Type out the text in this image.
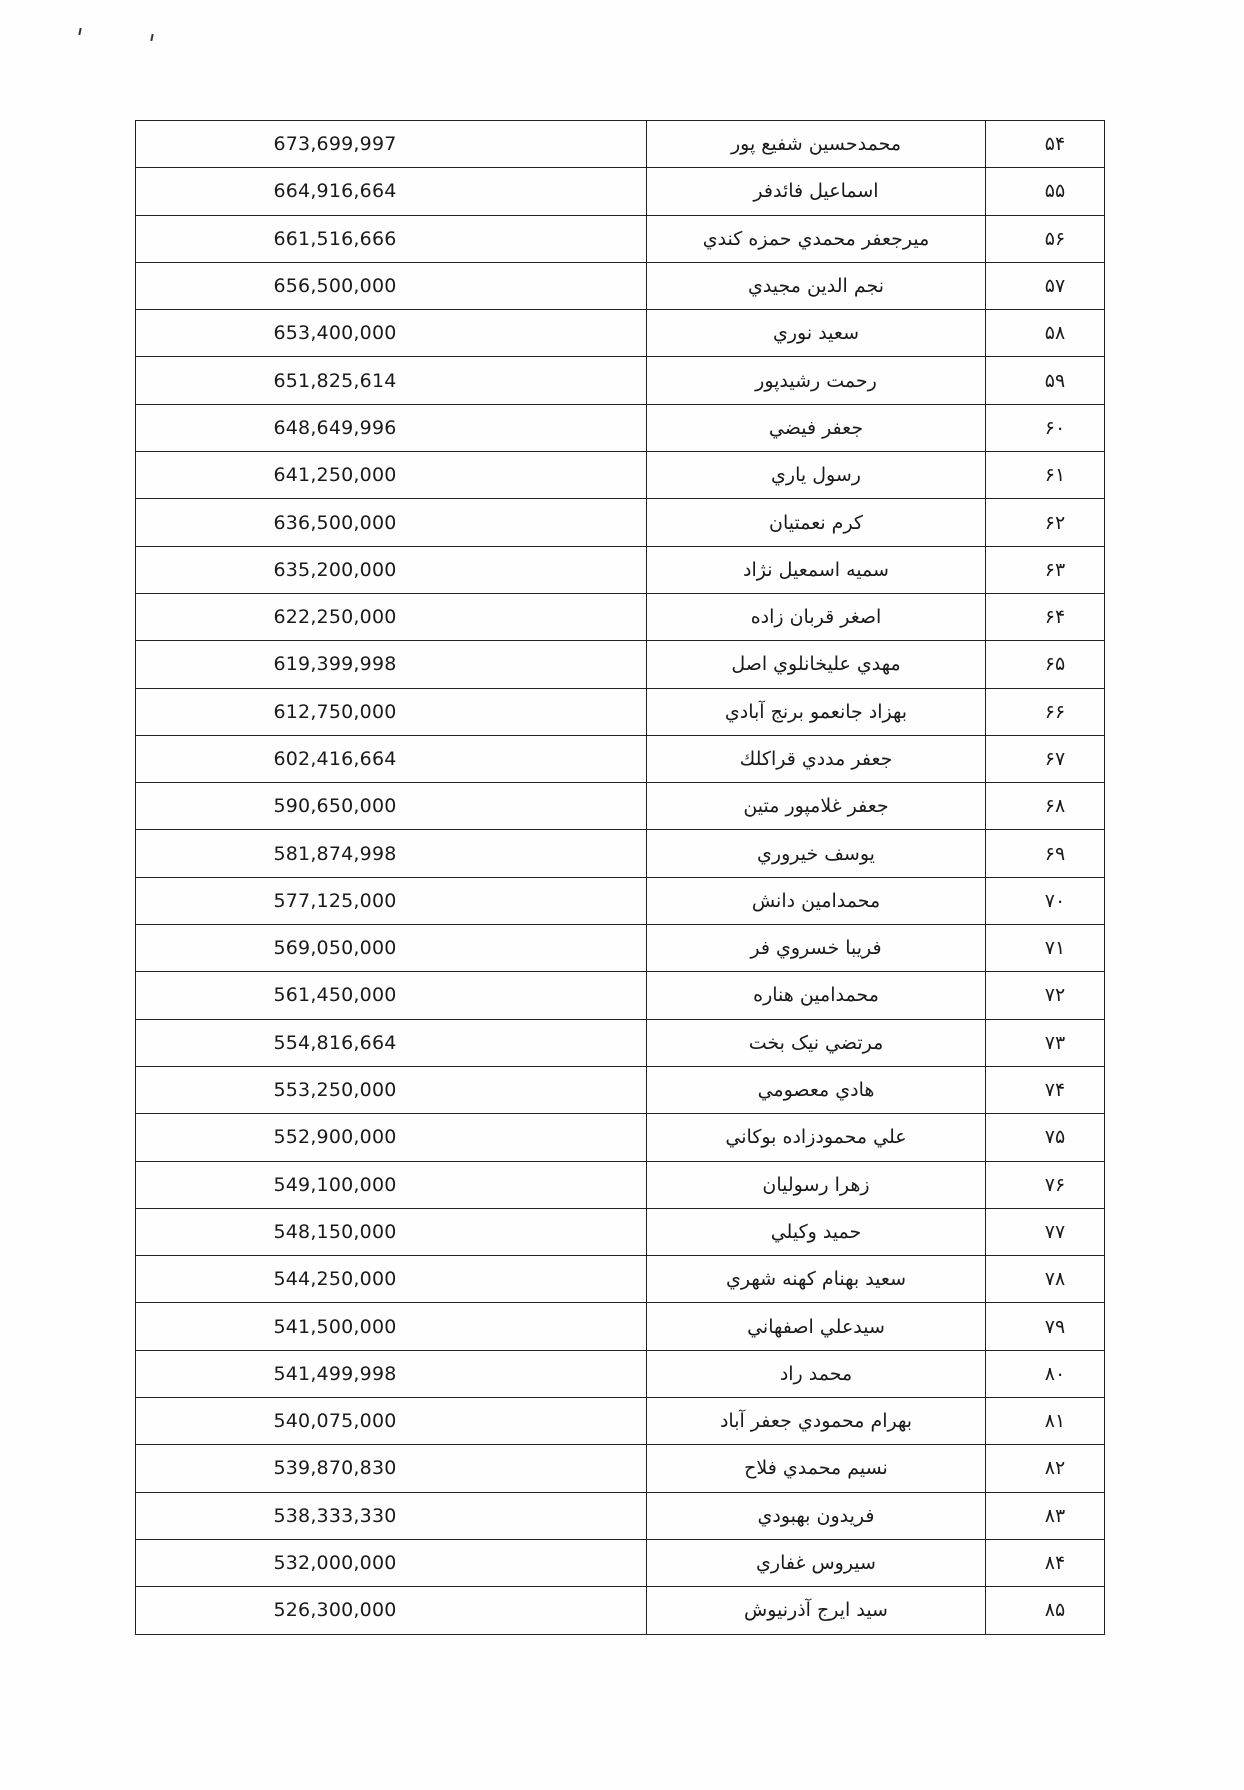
673,699,997	محمدحسين شفيع پور	۵۴
664,916,664	اسماعيل فائدفر	۵۵
661,516,666	ميرجعفر محمدي حمزه كندي	۵۶
656,500,000	نجم الدين مجيدي	۵۷
653,400,000	سعيد نوري	۵۸
651,825,614	رحمت رشيدپور	۵۹
648,649,996	جعفر فيضي	۶۰
641,250,000	رسول ياري	۶۱
636,500,000	كرم نعمتيان	۶۲
635,200,000	سميه اسمعيل نژاد	۶۳
622,250,000	اصغر قربان زاده	۶۴
619,399,998	مهدي عليخانلوي اصل	۶۵
612,750,000	بهزاد جانعمو برنج آبادي	۶۶
602,416,664	جعفر مددي قراكلك	۶۷
590,650,000	جعفر غلامپور متين	۶۸
581,874,998	يوسف خيروري	۶۹
577,125,000	محمدامين دانش	۷۰
569,050,000	فريبا خسروي فر	۷۱
561,450,000	محمدامين هناره	۷۲
554,816,664	مرتضي نيک بخت	۷۳
553,250,000	هادي معصومي	۷۴
552,900,000	علي محمودزاده بوكاني	۷۵
549,100,000	زهرا رسوليان	۷۶
548,150,000	حميد وكيلي	۷۷
544,250,000	سعيد بهنام كهنه شهري	۷۸
541,500,000	سيدعلي اصفهاني	۷۹
541,499,998	محمد راد	۸۰
540,075,000	بهرام محمودي جعفر آباد	۸۱
539,870,830	نسيم محمدي فلاح	۸۲
538,333,330	فريدون بهبودي	۸۳
532,000,000	سيروس غفاري	۸۴
526,300,000	سيد ايرج آذرنيوش	۸۵
